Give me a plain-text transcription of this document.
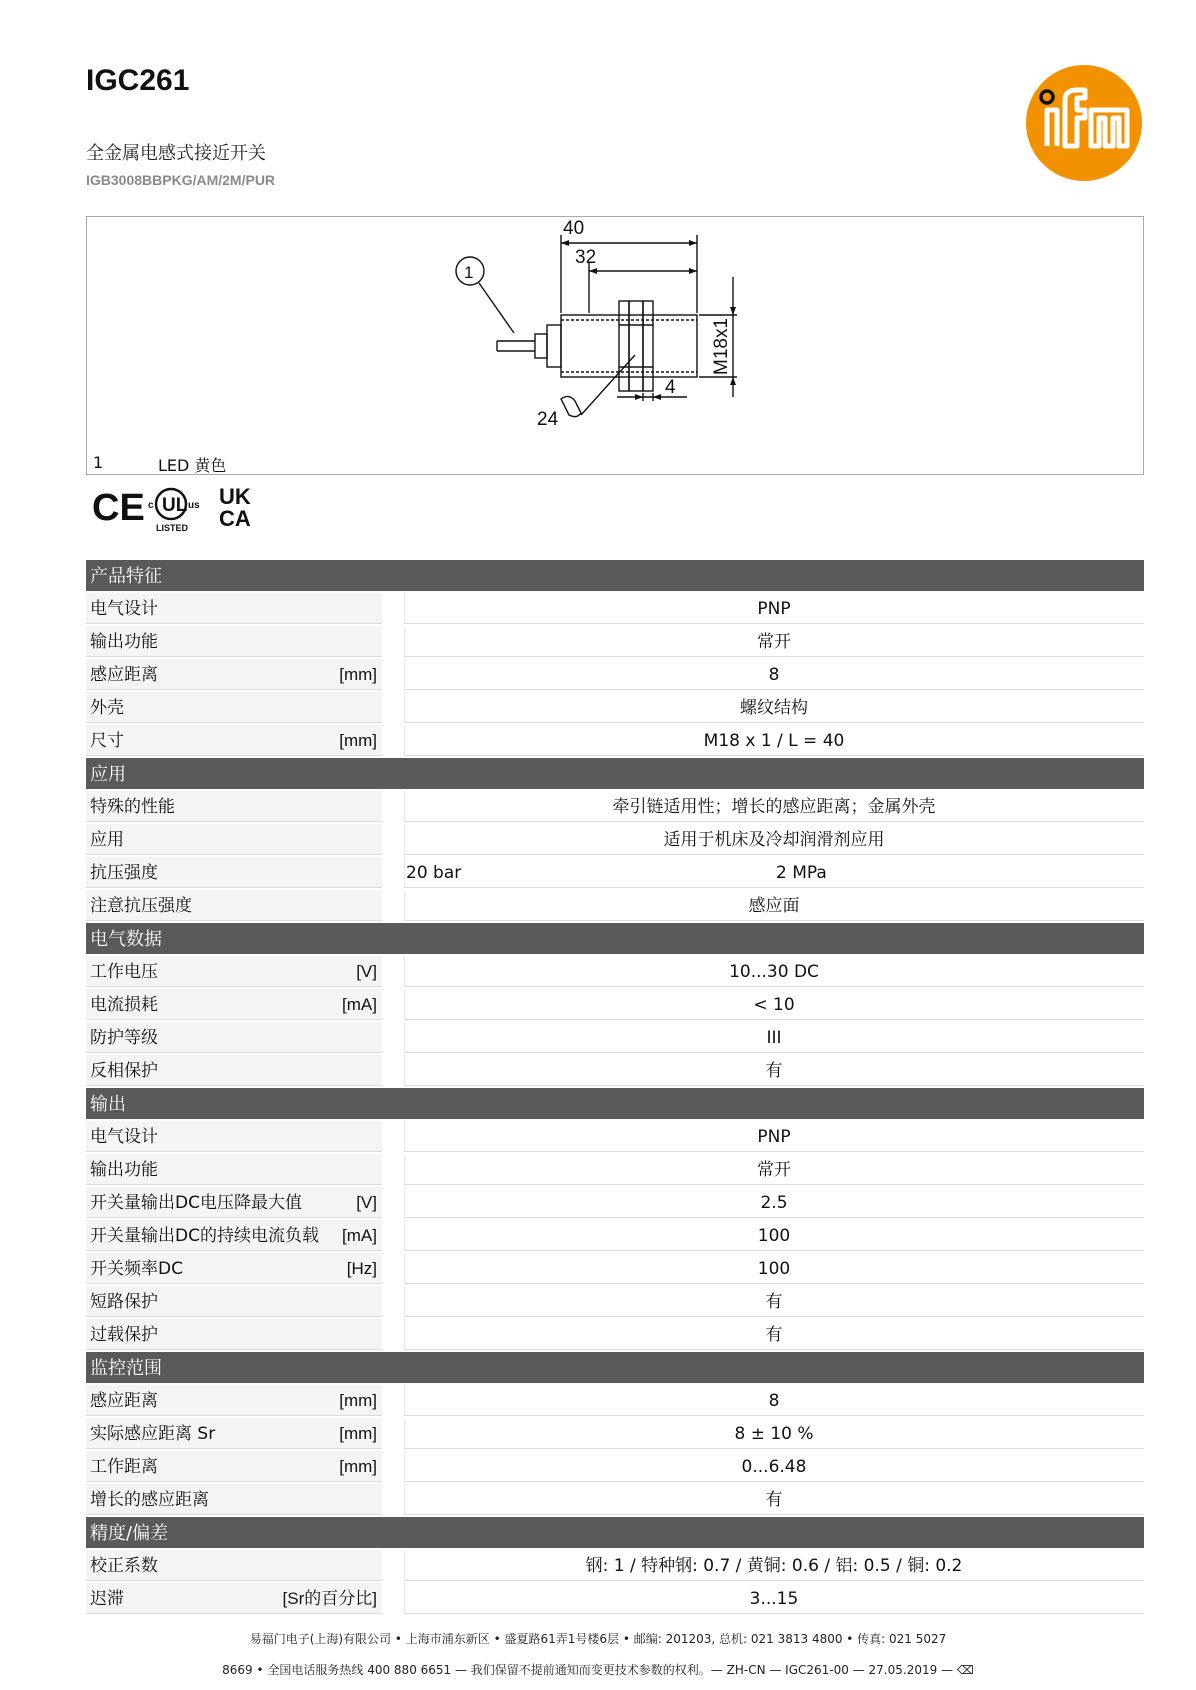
IGC261
全金属电感式接近开关
IGB3008BBPKG/AM/2M/PUR
40
32
1
4
24
M18x1
1	LED 黄色
CE UL
c	us
LISTED
UK
CA
产品特征
电气设计	PNP
输出功能	常开
感应距离	[mm]	8
外壳	螺纹结构
尺寸	[mm]	M18 x 1 / L = 40
应用
特殊的性能	牵引链适用性；增长的感应距离；金属外壳
应用	适用于机床及冷却润滑剂应用
抗压强度	20 bar	2 MPa
注意抗压强度	感应面
电气数据
工作电压	[V]	10...30 DC
电流损耗	[mA]	< 10
防护等级	III
反相保护	有
输出
电气设计	PNP
输出功能	常开
开关量输出DC电压降最大值	[V]	2.5
开关量输出DC的持续电流负载 [mA]	100
开关频率DC	[Hz]	100
短路保护	有
过载保护	有
监控范围
感应距离	[mm]	8
实际感应距离 Sr	[mm]	8 ± 10 %
工作距离	[mm]	0...6.48
增长的感应距离	有
精度/偏差
校正系数	钢: 1 / 特种钢: 0.7 / 黄铜: 0.6 / 铝: 0.5 / 铜: 0.2
迟滞	[Sr的百分比]	3...15
易福门电子(上海)有限公司 • 上海市浦东新区 • 盛夏路61弄1号楼6层 • 邮编: 201203, 总机: 021 3813 4800 • 传真: 021 5027
8669 • 全国电话服务热线 400 880 6651 — 我们保留不提前通知而变更技术参数的权利。— ZH-CN — IGC261-00 — 27.05.2019 — ⌫
